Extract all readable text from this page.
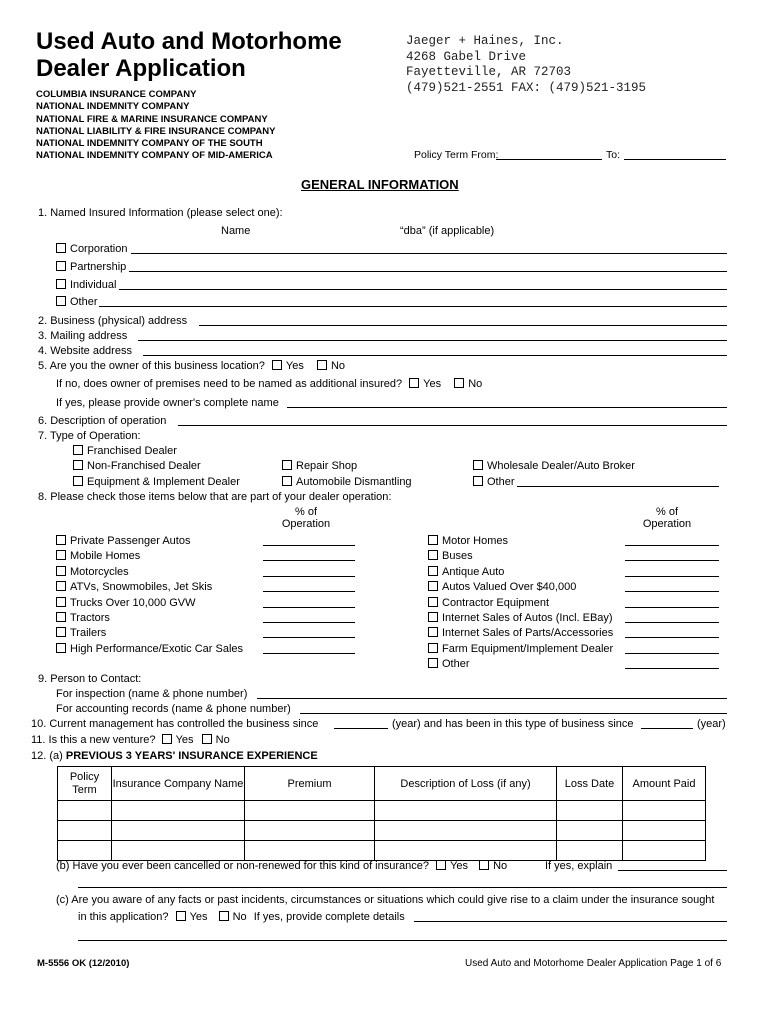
Used Auto and Motorhome
Dealer Application
COLUMBIA INSURANCE COMPANY
NATIONAL INDEMNITY COMPANY
NATIONAL FIRE & MARINE INSURANCE COMPANY
NATIONAL LIABILITY & FIRE INSURANCE COMPANY
NATIONAL INDEMNITY COMPANY OF THE SOUTH
NATIONAL INDEMNITY COMPANY OF MID-AMERICA
Jaeger + Haines, Inc.
4268 Gabel Drive
Fayetteville, AR 72703
(479)521-2551 FAX: (479)521-3195
Policy Term From:	To:
GENERAL INFORMATION
1. Named Insured Information (please select one):
Name	“dba” (if applicable)
Corporation
Partnership
Individual
Other
2. Business (physical) address
3. Mailing address
4. Website address
5. Are you the owner of this business location? Yes No
If no, does owner of premises need to be named as additional insured? Yes No
If yes, please provide owner's complete name
6. Description of operation
7. Type of Operation:
Franchised Dealer
Non-Franchised Dealer
Equipment & Implement Dealer
Repair Shop
Automobile Dismantling
Wholesale Dealer/Auto Broker
Other
8. Please check those items below that are part of your dealer operation:
% of
Operation
% of
Operation
Private Passenger Autos
Mobile Homes
Motorcycles
ATVs, Snowmobiles, Jet Skis
Trucks Over 10,000 GVW
Tractors
Trailers
High Performance/Exotic Car Sales
Motor Homes
Buses
Antique Auto
Autos Valued Over $40,000
Contractor Equipment
Internet Sales of Autos (Incl. EBay)
Internet Sales of Parts/Accessories
Farm Equipment/Implement Dealer
Other
9. Person to Contact:
For inspection (name & phone number)
For accounting records (name & phone number)
10. Current management has controlled the business since	(year) and has been in this type of business since	(year)
11. Is this a new venture? Yes No
12. (a) PREVIOUS 3 YEARS' INSURANCE EXPERIENCE
Policy Term	Insurance Company Name	Premium	Description of Loss (if any)	Loss Date	Amount Paid

(b) Have you ever been cancelled or non-renewed for this kind of insurance? Yes No	If yes, explain
(c) Are you aware of any facts or past incidents, circumstances or situations which could give rise to a claim under the insurance sought
in this application? Yes No If yes, provide complete details
M-5556 OK (12/2010)	Used Auto and Motorhome Dealer Application Page 1 of 6
